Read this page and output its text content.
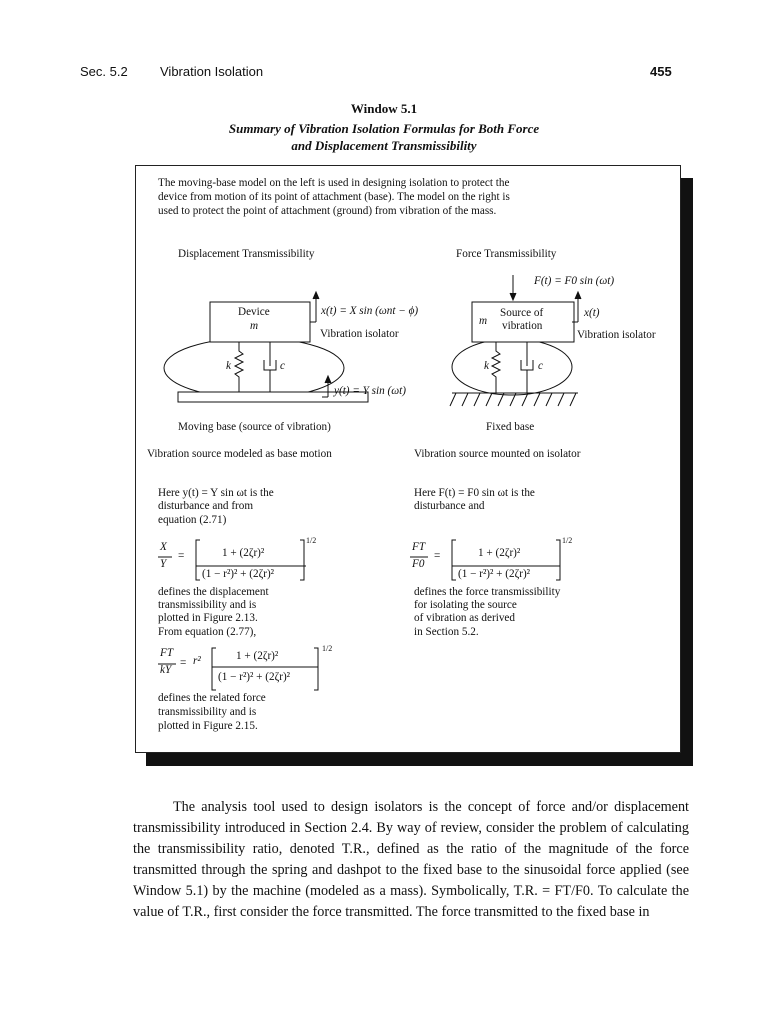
Sec. 5.2 Vibration Isolation	455
Window 5.1
Summary of Vibration Isolation Formulas for Both Force
and Displacement Transmissibility
The moving-base model on the left is used in designing isolation to protect the
device from motion of its point of attachment (base). The model on the right is
used to protect the point of attachment (ground) from vibration of the mass.
Displacement Transmissibility	Force Transmissibility
Device
m
x(t) = X sin (ωnt − ϕ)
Vibration isolator
k	c
y(t) = Y sin (ωt)
Moving base (source of vibration)
Vibration source modeled as base motion
F(t) = F0 sin (ωt)
m
Source of
vibration
x(t)
Vibration isolator
k	c
Fixed base
Vibration source mounted on isolator
Here y(t) = Y sin ωt is the
disturbance and from
equation (2.71)
X
Y
=	1 + (2ζr)²
(1 − r²)² + (2ζr)²
1/2
defines the displacement
transmissibility and is
plotted in Figure 2.13.
From equation (2.77),
FT
kY
= r²	1 + (2ζr)²
(1 − r²)² + (2ζr)²
1/2
defines the related force
transmissibility and is
plotted in Figure 2.15.
Here F(t) = F0 sin ωt is the
disturbance and
FT
F0
=	1 + (2ζr)²
(1 − r²)² + (2ζr)²
1/2
defines the force transmissibility
for isolating the source
of vibration as derived
in Section 5.2.

The analysis tool used to design isolators is the concept of force and/or displacement transmissibility introduced in Section 2.4. By way of review, consider the problem of calculating the transmissibility ratio, denoted T.R., defined as the ratio of the magnitude of the force transmitted through the spring and dashpot to the fixed base to the sinusoidal force applied (see Window 5.1) by the machine (modeled as a mass). Symbolically, T.R. = FT/F0. To calculate the value of T.R., first consider the force transmitted. The force transmitted to the fixed base in
